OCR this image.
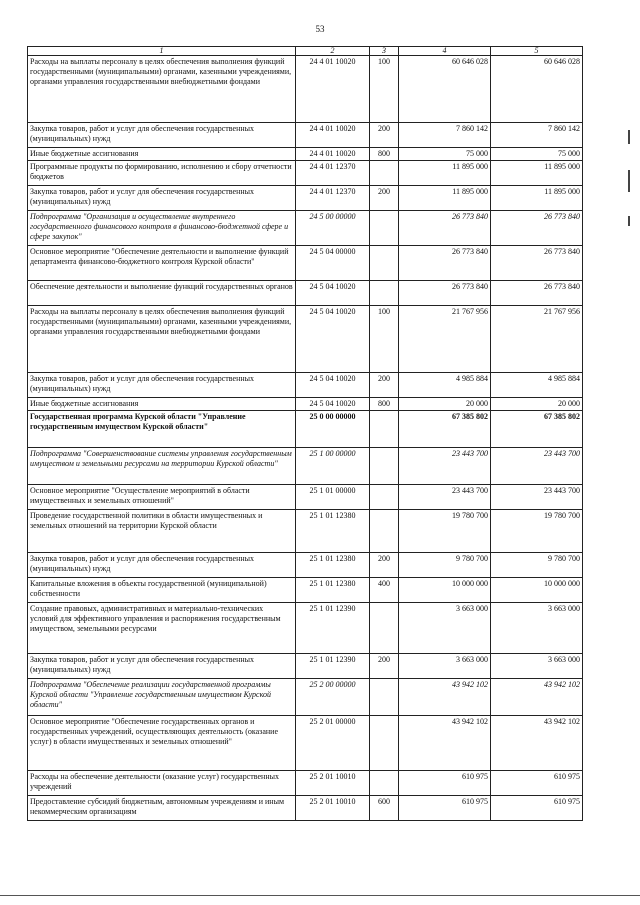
53
1	2	3	4	5
Расходы на выплаты персоналу в целях обеспечения выполнения функций государственными (муниципальными) органами, казенными учреждениями, органами управления государственными внебюджетными фондами	24 4 01 10020	100	60 646 028	60 646 028
Закупка товаров, работ и услуг для обеспечения государственных (муниципальных) нужд	24 4 01 10020	200	7 860 142	7 860 142
Иные бюджетные ассигнования	24 4 01 10020	800	75 000	75 000
Программные продукты по формированию, исполнению и сбору отчетности бюджетов	24 4 01 12370		11 895 000	11 895 000
Закупка товаров, работ и услуг для обеспечения государственных (муниципальных) нужд	24 4 01 12370	200	11 895 000	11 895 000
Подпрограмма "Организация и осуществление внутреннего государственного финансового контроля в финансово-бюджетной сфере и сфере закупок"	24 5 00 00000		26 773 840	26 773 840
Основное мероприятие "Обеспечение деятельности и выполнение функций департамента финансово-бюджетного контроля Курской области"	24 5 04 00000		26 773 840	26 773 840
Обеспечение деятельности и выполнение функций государственных органов	24 5 04 10020		26 773 840	26 773 840
Расходы на выплаты персоналу в целях обеспечения выполнения функций государственными (муниципальными) органами, казенными учреждениями, органами управления государственными внебюджетными фондами	24 5 04 10020	100	21 767 956	21 767 956
Закупка товаров, работ и услуг для обеспечения государственных (муниципальных) нужд	24 5 04 10020	200	4 985 884	4 985 884
Иные бюджетные ассигнования	24 5 04 10020	800	20 000	20 000
Государственная программа Курской области "Управление государственным имуществом Курской области"	25 0 00 00000		67 385 802	67 385 802
Подпрограмма "Совершенствование системы управления государственным имуществом и земельными ресурсами на территории Курской области"	25 1 00 00000		23 443 700	23 443 700
Основное мероприятие "Осуществление мероприятий в области имущественных и земельных отношений"	25 1 01 00000		23 443 700	23 443 700
Проведение государственной политики в области имущественных и земельных отношений на территории Курской области	25 1 01 12380		19 780 700	19 780 700
Закупка товаров, работ и услуг для обеспечения государственных (муниципальных) нужд	25 1 01 12380	200	9 780 700	9 780 700
Капитальные вложения в объекты государственной (муниципальной) собственности	25 1 01 12380	400	10 000 000	10 000 000
Создание правовых, административных и материально-технических условий для эффективного управления и распоряжения государственным имуществом, земельными ресурсами	25 1 01 12390		3 663 000	3 663 000
Закупка товаров, работ и услуг для обеспечения государственных (муниципальных) нужд	25 1 01 12390	200	3 663 000	3 663 000
Подпрограмма "Обеспечение реализации государственной программы Курской области "Управление государственным имуществом Курской области"	25 2 00 00000		43 942 102	43 942 102
Основное мероприятие "Обеспечение государственных органов и государственных учреждений, осуществляющих деятельность (оказание услуг) в области имущественных и земельных отношений"	25 2 01 00000		43 942 102	43 942 102
Расходы на обеспечение деятельности (оказание услуг) государственных учреждений	25 2 01 10010		610 975	610 975
Предоставление субсидий бюджетным, автономным учреждениям и иным некоммерческим организациям	25 2 01 10010	600	610 975	610 975
